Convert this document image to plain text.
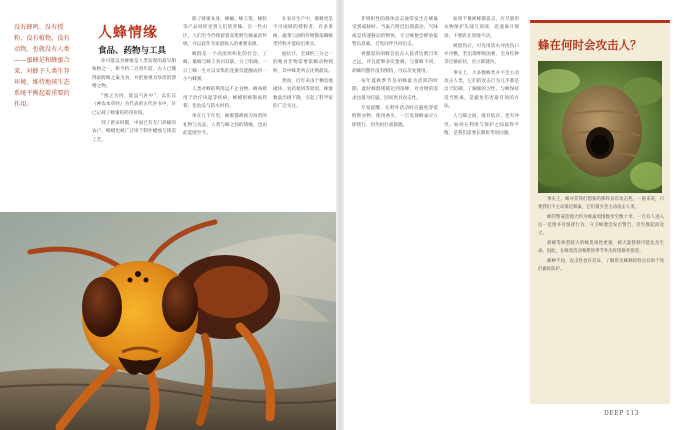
没有蜂鸣、没有授粉、没有植物、没有动物、也就没有人类——蜜蜂是和蜂蜜合来，对蜂予人类生存环境、维持地球生态系统平衡起着重要的作用。
人蜂情缘
食品、药物与工具

你可能以为蜂蜜是人类发现的最早甜味物之一，距今约二百余年前，古人已懂得取野蜂之巢为食，并把蜜视为珍贵的馈赠之物。

“蜜之为用，能益气补中”，以东汉《神农本草经》为代表的古代医书中，早已记载了蜂蜜的药用价值。

到了唐宋时期，中国已有专门养蜂的农户，蜂蜡也被广泛用于制作蜡烛与铸造工艺。

除了蜂蜜本身，蜂蛹、蜂王浆、蜂胶等产品同样受到人们的青睐。在一些山区，人们至今仍保留着采集野生蜂巢的传统，并以此作为家庭收入的重要来源。

蜂群是一个高度组织化的社会，工蜂、雄蜂与蜂王各司其职，分工明确。一只工蜂一生可以采集的花蜜仅能酿成约一小勺蜂蜜。

人类对蜂的利用远不止食物。蜂毒被用于治疗风湿等疾病，蜂蜡则被制成药膏、化妆品与防水材料。

单在几千年里，蜂蜜都被视为珍贵的礼物与贡品，人类与蜂之间的情缘，也由此延续至今。

在农业生产中，蜜蜂更是不可或缺的授粉者。许多果树、蔬菜与油料作物都依赖蜂类传粉才能结出果实。

据估计，全球约三分之一的粮食作物需要依赖动物授粉，其中蜂类所占比例最高。

然而，近年来由于栖息地破坏、农药使用等原因，蜂群数量出现下降，引起了科学家的广泛关注。

非组织性的群体攻击通常发生在蜂巢受到威胁时。当巢穴附近出现震动、气味或是快速移动的物体，守卫蜂便会释放报警信息素，召集同伴共同出击。

被激怒的胡蜂会追击入侵者达数百米之远，并且能够多次蛰刺。与蜜蜂不同，胡蜂的螫针没有倒钩，可以反复使用。

每年夏秋季节是胡蜂最为活跃的时期，此时蜂群规模达到顶峰，对食物的需求也最为旺盛，因而更具攻击性。

专家提醒，在野外活动时应避免穿着鲜艳衣物、使用香水，一旦发现蜂巢应立即绕行，切勿拍打或捣毁。

如果不慎被蜂群追击，应尽量用衣物保护头部与颈部，迅速离开现场，不要趴在原地不动。

被蛰伤后，可先用清水冲洗伤口并冷敷，若出现呼吸困难、全身红肿等过敏症状，应立即就医。

事实上，大多数蜂类并不会主动攻击人类，它们的攻击行为几乎都是出于防御。了解蜂的习性，与蜂保持适当距离，是避免伤害最有效的方法。

人与蜂之间，既有依存，也有冲突。如何在利用与保护之间取得平衡，是我们需要长期思考的问题。

蜂在何时会攻击人？

事实上，蜂并非我们想象的那样具有攻击性。一般来说，只要我们不主动靠近蜂巢，它们很少会主动攻击人类。

蜂的警戒范围大约为蜂巢周围数米至数十米，一旦有人进入这一范围并有惊扰行为，守卫蜂便会发出警告，甚至群起而攻之。

胡蜂等体型较大的蜂类毒性更强，被大量蛰刺可能危及生命。因此，在蜂类活动频繁的季节外出时需格外留意。

蜂种不同，攻击性也有差异，了解常见蜂种的特点有助于我们做好防护。

DEEP 113
